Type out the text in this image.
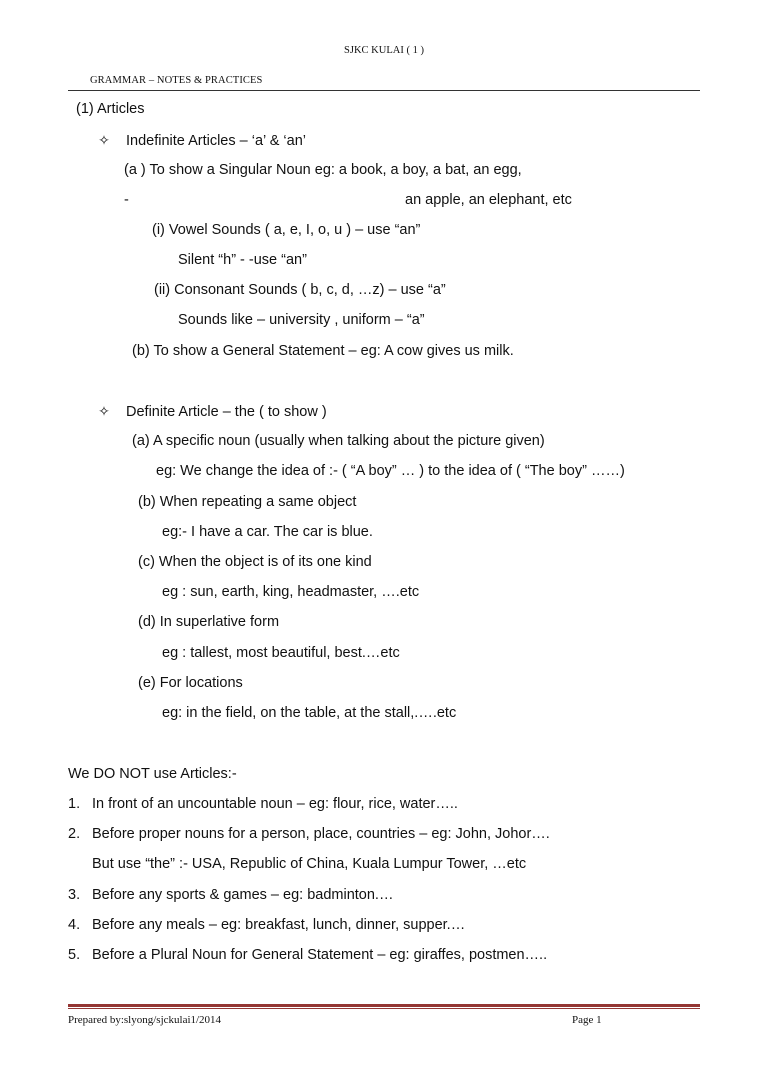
SJKC KULAI ( 1 )
GRAMMAR – NOTES & PRACTICES
(1) Articles
✧ Indefinite Articles – ‘a’ & ‘an’
(a ) To show a Singular Noun eg: a book, a boy, a bat, an egg,
-	an apple, an elephant, etc
(i) Vowel Sounds ( a, e, I, o, u ) – use “an”
Silent “h” - -use “an”
(ii) Consonant Sounds ( b, c, d, …z) – use “a”
Sounds like – university , uniform – “a”
(b) To show a General Statement – eg: A cow gives us milk.
✧ Definite Article – the ( to show )
(a) A specific noun (usually when talking about the picture given)
eg: We change the idea of :- ( “A boy” … ) to the idea of ( “The boy” ……)
(b) When repeating a same object
eg:- I have a car. The car is blue.
(c) When the object is of its one kind
eg : sun, earth, king, headmaster, ….etc
(d) In superlative form
eg : tallest, most beautiful, best.…etc
(e) For locations
eg: in the field, on the table, at the stall,.….etc
We DO NOT use Articles:-
1. In front of an uncountable noun – eg: flour, rice, water…..
2. Before proper nouns for a person, place, countries – eg: John, Johor….
But use “the” :- USA, Republic of China, Kuala Lumpur Tower, …etc
3. Before any sports & games – eg: badminton.…
4. Before any meals – eg: breakfast, lunch, dinner, supper.…
5. Before a Plural Noun for General Statement – eg: giraffes, postmen…..
Prepared by:slyong/sjckulai1/2014	Page 1
